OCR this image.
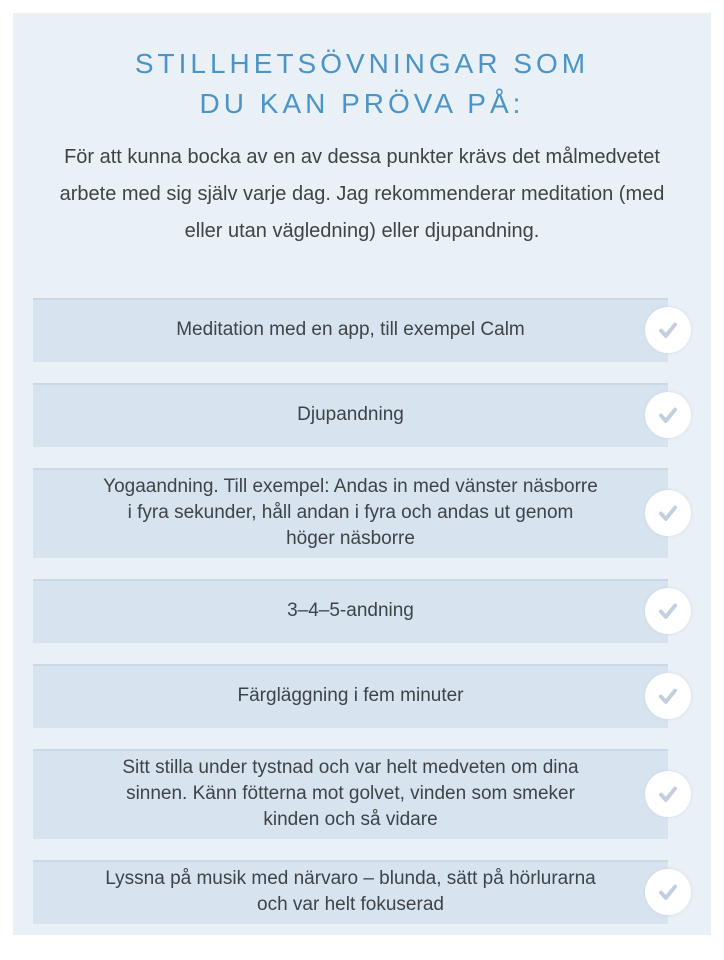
STILLHETSÖVNINGAR SOM
DU KAN PRÖVA PÅ:

För att kunna bocka av en av dessa punkter krävs det målmedvetet arbete med sig själv varje dag. Jag rekommenderar meditation (med eller utan vägledning) eller djupandning.

Meditation med en app, till exempel Calm
Djupandning
Yogaandning. Till exempel: Andas in med vänster näsborre i fyra sekunder, håll andan i fyra och andas ut genom höger näsborre
3–4–5-andning
Färgläggning i fem minuter
Sitt stilla under tystnad och var helt medveten om dina sinnen. Känn fötterna mot golvet, vinden som smeker kinden och så vidare
Lyssna på musik med närvaro – blunda, sätt på hörlurarna och var helt fokuserad
